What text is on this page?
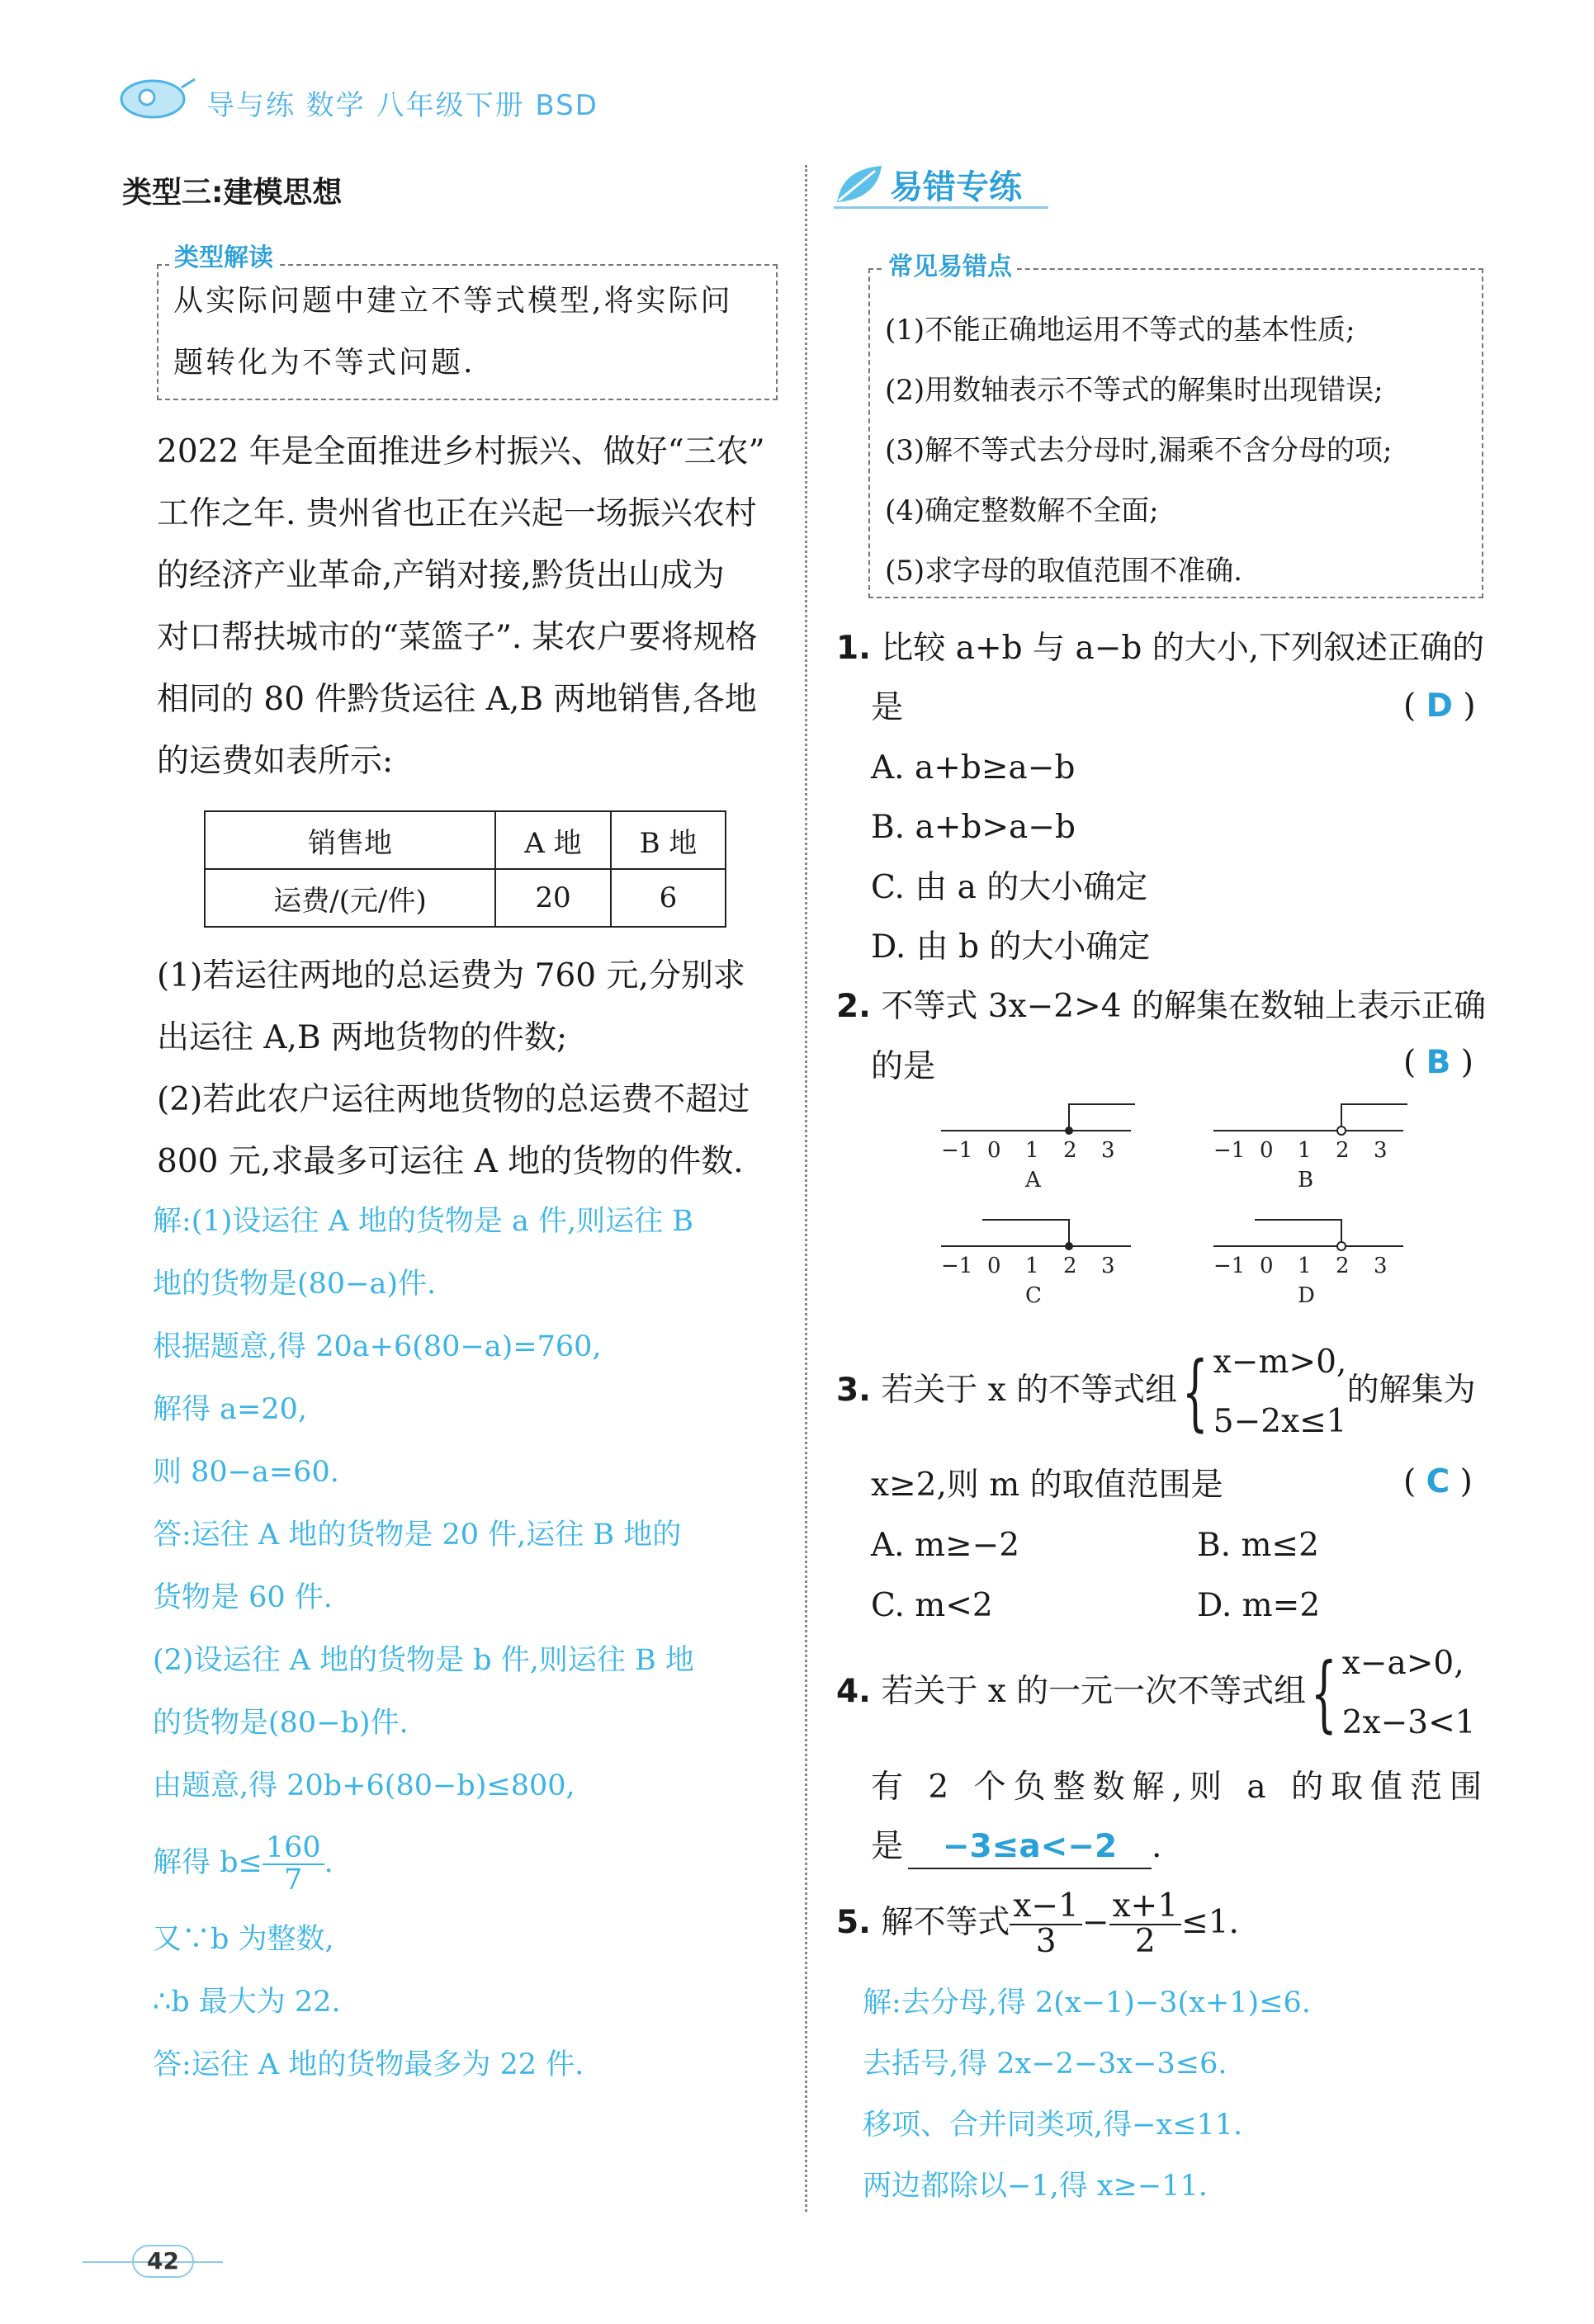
导与练 数学 八年级下册 BSD
类型三:建模思想
类型解读
从实际问题中建立不等式模型,将实际问
题转化为不等式问题.
2022 年是全面推进乡村振兴、做好“三农”
工作之年. 贵州省也正在兴起一场振兴农村
的经济产业革命,产销对接,黔货出山成为
对口帮扶城市的“菜篮子”. 某农户要将规格
相同的 80 件黔货运往 A,B 两地销售,各地
的运费如表所示:
销售地	A 地	B 地
运费/(元/件)	20	6
(1)若运往两地的总运费为 760 元,分别求
出运往 A,B 两地货物的件数;
(2)若此农户运往两地货物的总运费不超过
800 元,求最多可运往 A 地的货物的件数.
解:(1)设运往 A 地的货物是 a 件,则运往 B
地的货物是(80−a)件.
根据题意,得 20a+6(80−a)=760,
解得 a=20,
则 80−a=60.
答:运往 A 地的货物是 20 件,运往 B 地的
货物是 60 件.
(2)设运往 A 地的货物是 b 件,则运往 B 地
的货物是(80−b)件.
由题意,得 20b+6(80−b)≤800,
解得 $b\le \frac{160}{7}$ .
又∵b 为整数,
∴b 最大为 22.
答:运往 A 地的货物最多为 22 件.
易错专练
常见易错点
(1)不能正确地运用不等式的基本性质;
(2)用数轴表示不等式的解集时出现错误;
(3)解不等式去分母时,漏乘不含分母的项;
(4)确定整数解不全面;
(5)求字母的取值范围不准确.
1. 比较 a+b 与 a−b 的大小,下列叙述正确的
是	( D )
A. a+b≥a−b
B. a+b>a−b
C. 由 a 的大小确定
D. 由 b 的大小确定
2. 不等式 3x−2>4 的解集在数轴上表示正确
的是	( B )
−1 0 1 2 3
A
−1 0 1 2 3
B
−1 0 1 2 3
C
−1 0 1 2 3
D
3. 若关于 x 的不等式组{ x−m>0,
5−2x≤1
的解集为
x≥2,则 m 的取值范围是	( C )
A. m≥−2	B. m≤2
C. m<2	D. m=2
4. 若关于 x 的一元一次不等式组{ x−a>0,
2x−3<1
有 2 个负整数解,则 a 的取值范围
是 −3≤a<−2 .
5. 解不等式 $\frac{x-1}{3} - \frac{x+1}{2} \le 1$.
解:去分母,得 2(x−1)−3(x+1)≤6.
去括号,得 2x−2−3x−3≤6.
移项、合并同类项,得−x≤11.
两边都除以−1,得 x≥−11.
42
